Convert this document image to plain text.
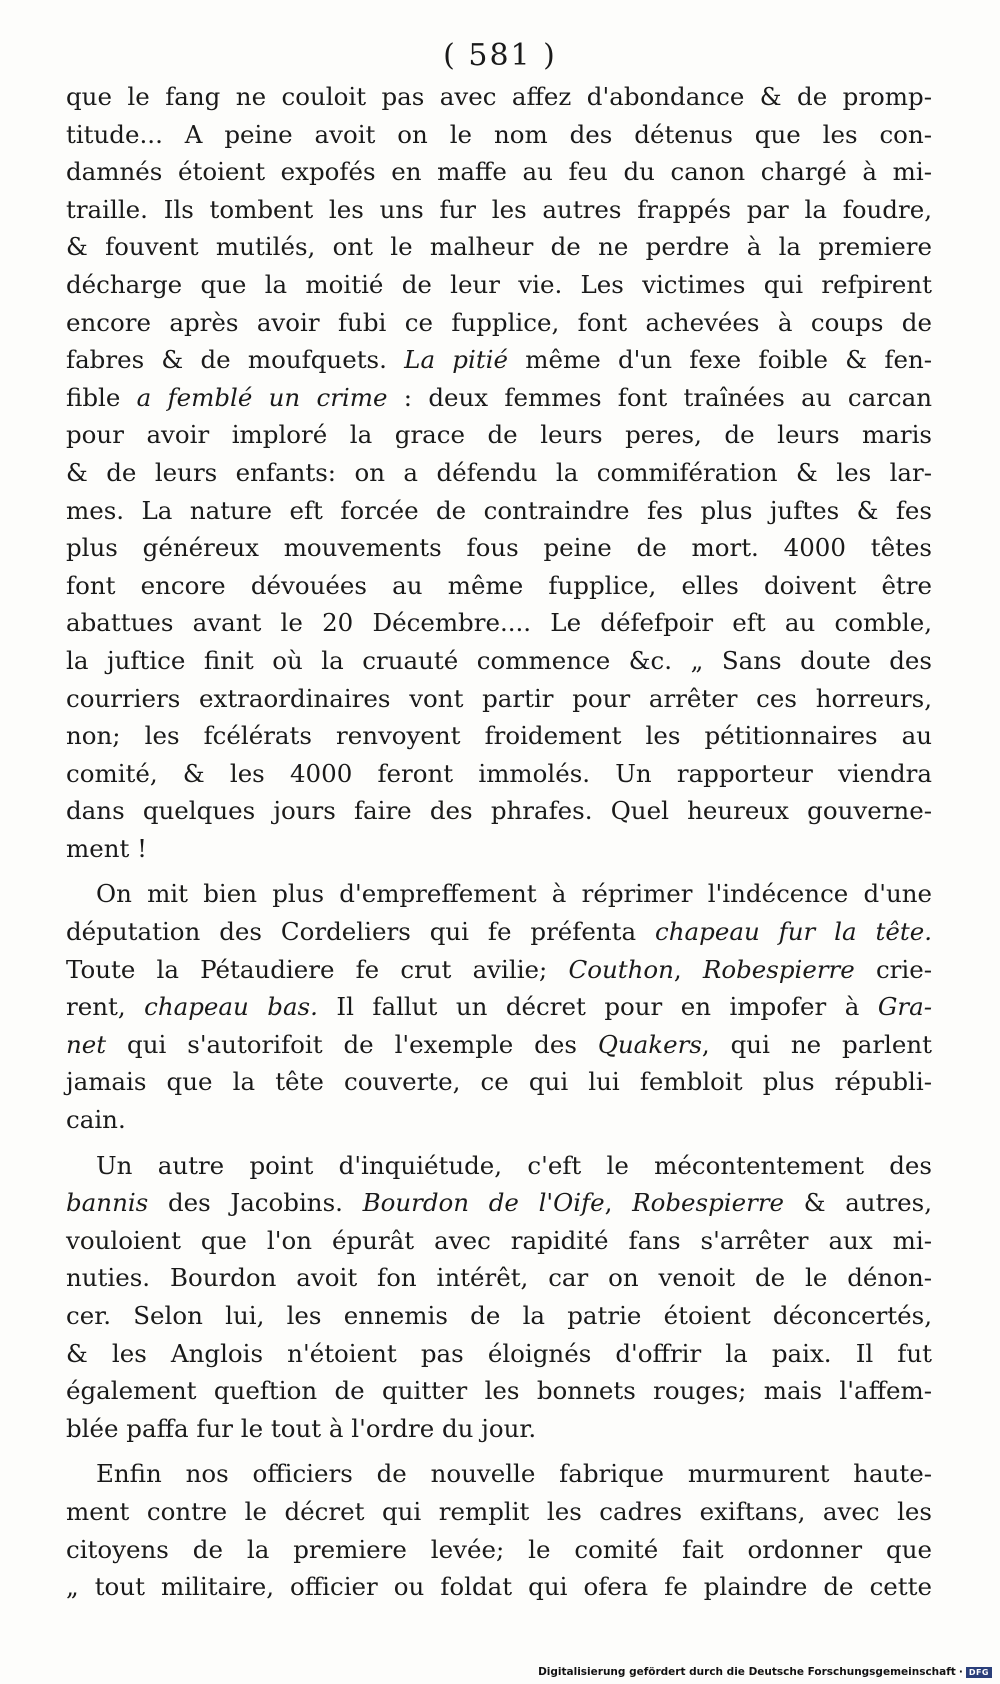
( 581 )
que le fang ne couloit pas avec affez d'abondance & de promp-
titude... A peine avoit on le nom des détenus que les con-
damnés étoient expofés en maffe au feu du canon chargé à mi-
traille. Ils tombent les uns fur les autres frappés par la foudre,
& fouvent mutilés, ont le malheur de ne perdre à la premiere
décharge que la moitié de leur vie. Les victimes qui refpirent
encore après avoir fubi ce fupplice, font achevées à coups de
fabres & de moufquets. La pitié même d'un fexe foible & fen-
fible a femblé un crime : deux femmes font traînées au carcan
pour avoir imploré la grace de leurs peres, de leurs maris
& de leurs enfants: on a défendu la commifération & les lar-
mes. La nature eft forcée de contraindre fes plus juftes & fes
plus généreux mouvements fous peine de mort. 4000 têtes
font encore dévouées au même fupplice, elles doivent être
abattues avant le 20 Décembre.... Le défefpoir eft au comble,
la juftice finit où la cruauté commence &c. „ Sans doute des
courriers extraordinaires vont partir pour arrêter ces horreurs,
non; les fcélérats renvoyent froidement les pétitionnaires au
comité, & les 4000 feront immolés. Un rapporteur viendra
dans quelques jours faire des phrafes. Quel heureux gouverne-
ment !
On mit bien plus d'empreffement à réprimer l'indécence d'une
députation des Cordeliers qui fe préfenta chapeau fur la tête.
Toute la Pétaudiere fe crut avilie; Couthon, Robespierre crie-
rent, chapeau bas. Il fallut un décret pour en impofer à Gra-
net qui s'autorifoit de l'exemple des Quakers, qui ne parlent
jamais que la tête couverte, ce qui lui fembloit plus républi-
cain.
Un autre point d'inquiétude, c'eft le mécontentement des
bannis des Jacobins. Bourdon de l'Oife, Robespierre & autres,
vouloient que l'on épurât avec rapidité fans s'arrêter aux mi-
nuties. Bourdon avoit fon intérêt, car on venoit de le dénon-
cer. Selon lui, les ennemis de la patrie étoient déconcertés,
& les Anglois n'étoient pas éloignés d'offrir la paix. Il fut
également queftion de quitter les bonnets rouges; mais l'affem-
blée paffa fur le tout à l'ordre du jour.
Enfin nos officiers de nouvelle fabrique murmurent haute-
ment contre le décret qui remplit les cadres exiftans, avec les
citoyens de la premiere levée; le comité fait ordonner que
„ tout militaire, officier ou foldat qui ofera fe plaindre de cette
Digitalisierung gefördert durch die Deutsche Forschungsgemeinschaft · DFG
